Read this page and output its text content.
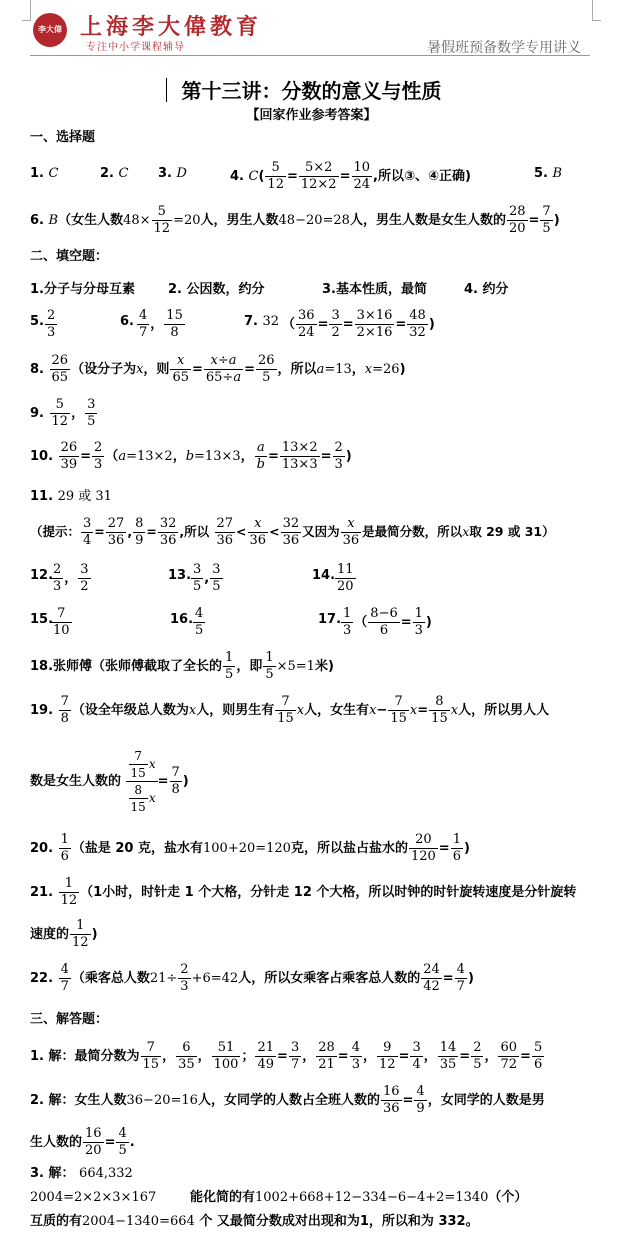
李大偉 上海李大偉教育
专注中小学课程辅导	暑假班预备数学专用讲义
第十三讲：分数的意义与性质
【回家作业参考答案】
一、选择题
1. C	2. C 3. D	4. $C( \frac{5}{12} = \frac{5\times 2}{12\times 2} = \frac{10}{24}$ ,所以③、④正确)	5. B
6. B（女生人数$48\times \frac{5}{12} =20$人，男生人数48−20=28人，男生人数是女生人数的 $\frac{28}{20} = \frac{7}{5}$ )
二、填空题：
1.分子与分母互素	2. 公因数，约分	3.基本性质，最简	4. 约分
5. $\frac{2}{3}$	6. $\frac{4}{7}$ ， $\frac{15}{8}$	7. 32 （ $\frac{36}{24} = \frac{3}{2} = \frac{3\times 16}{2\times 16} = \frac{48}{32}$ )
8. $\frac{26}{65}$ （设分子为x，则 $\frac{x}{65} = \frac{x\div a}{65\div a} = \frac{26}{5}$ ，所以a=13，x=26)
9. $\frac{5}{12}$ ， $\frac{3}{5}$
10. $\frac{26}{39} = \frac{2}{3} (a=13\times 2$，b=13×3， $\frac{a}{b} = \frac{13\times 2}{13\times 3} = \frac{2}{3}$ )
11. 29 或 31
（提示： $\frac{3}{4} = \frac{27}{36}$ , $\frac{8}{9} = \frac{32}{36}$ ,所以 $\frac{27}{36} < \frac{x}{36} < \frac{32}{36}$ 又因为 $\frac{x}{36}$ 是最简分数，所以x取 29 或 31）
12.
$\frac{2}{3}$ ， $\frac{3}{2}$	13. $\frac{3}{5}$ , $\frac{3}{5}$	14. $\frac{11}{20}$
15.
$\frac{7}{10}$	16. $\frac{4}{5}$	17. $\frac{1}{3}$ （ $\frac{8-6}{6} = \frac{1}{3}$ )
18.张师傅（张师傅截取了全长的 $\frac{1}{5}$ ，即 $\frac{1}{5} \times 5=1$米)
19. $\frac{7}{8}$ （设全年级总人数为x人，则男生有 $\frac{7}{15}$ x人，女生有$x- \frac{7}{15} x= \frac{8}{15}$ x人，所以男人人
数是女生人数的 $\frac{\frac{7}{15} x}{\frac{8}{15} x} = \frac{7}{8}$ )
20. $\frac{1}{6}$ （盐是 20 克，盐水有100+20=120克，所以盐占盐水的 $\frac{20}{120} = \frac{1}{6}$ )
21. $\frac{1}{12} (1$小时，时针走 1 个大格，分针走 12 个大格，所以时钟的时针旋转速度是分针旋转
速度的 $\frac{1}{12}$ )
22. $\frac{4}{7}$ （乘客总人数$21\div \frac{2}{3} +6=42$人，所以女乘客占乘客总人数的 $\frac{24}{42} = \frac{4}{7}$ )
三、解答题：
1. 解：最简分数为 $\frac{7}{15}$ ， $\frac{6}{35}$ ， $\frac{51}{100}$ ； $\frac{21}{49} = \frac{3}{7}$ ， $\frac{28}{21} = \frac{4}{3}$ ， $\frac{9}{12} = \frac{3}{4}$ ， $\frac{14}{35} = \frac{2}{5}$ ， $\frac{60}{72} = \frac{5}{6}$
2. 解：女生人数36−20=16人，女同学的人数占全班人数的 $\frac{16}{36} = \frac{4}{9}$ ，女同学的人数是男
生人数的 $\frac{16}{20} = \frac{4}{5}$ .
3. 解： 664,332
2004=2×2×3×167	能化简的有1002+668+12−334−6−4+2=1340（个）
互质的有2004−1340=664 个 又最简分数成对出现和为1，所以和为 332。
